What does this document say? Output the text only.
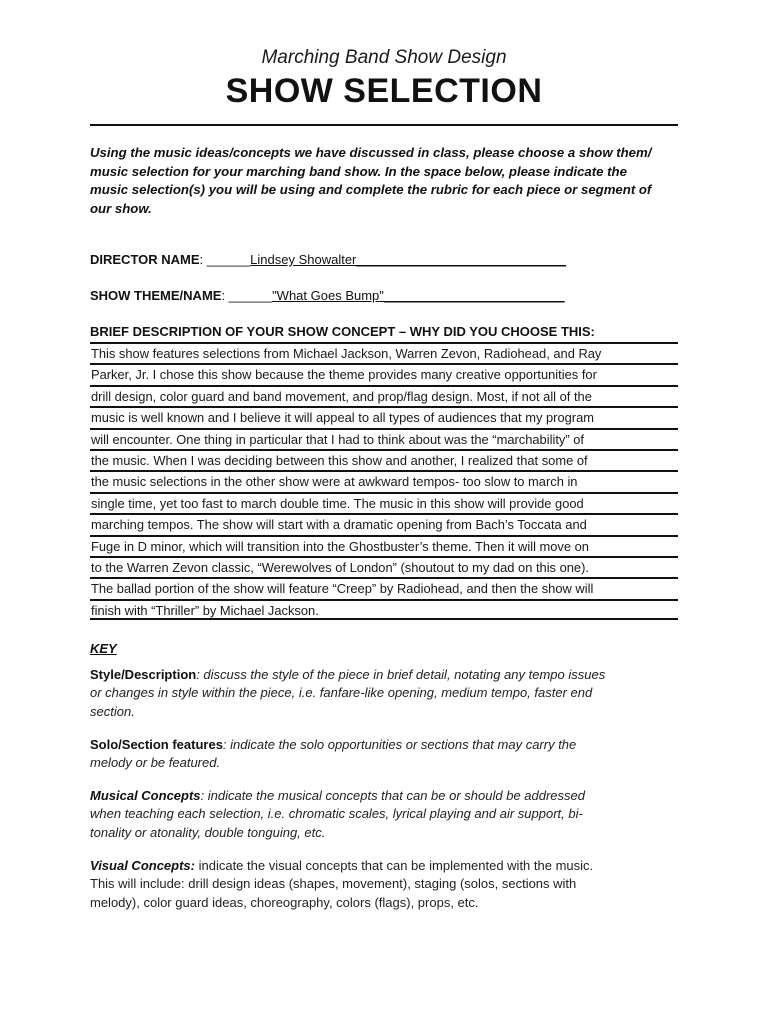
Marching Band Show Design
SHOW SELECTION
Using the music ideas/concepts we have discussed in class, please choose a show them/
music selection for your marching band show. In the space below, please indicate the
music selection(s) you will be using and complete the rubric for each piece or segment of
our show.
DIRECTOR NAME: ______Lindsey Showalter_____________________________
SHOW THEME/NAME: ______"What Goes Bump"_________________________
BRIEF DESCRIPTION OF YOUR SHOW CONCEPT – WHY DID YOU CHOOSE THIS:
This show features selections from Michael Jackson, Warren Zevon, Radiohead, and Ray
Parker, Jr. I chose this show because the theme provides many creative opportunities for
drill design, color guard and band movement, and prop/flag design. Most, if not all of the
music is well known and I believe it will appeal to all types of audiences that my program
will encounter. One thing in particular that I had to think about was the “marchability” of
the music. When I was deciding between this show and another, I realized that some of
the music selections in the other show were at awkward tempos- too slow to march in
single time, yet too fast to march double time. The music in this show will provide good
marching tempos. The show will start with a dramatic opening from Bach’s Toccata and
Fuge in D minor, which will transition into the Ghostbuster’s theme. Then it will move on
to the Warren Zevon classic, “Werewolves of London” (shoutout to my dad on this one).
The ballad portion of the show will feature “Creep” by Radiohead, and then the show will
finish with “Thriller” by Michael Jackson.
KEY
Style/Description: discuss the style of the piece in brief detail, notating any tempo issues
or changes in style within the piece, i.e. fanfare-like opening, medium tempo, faster end
section.
Solo/Section features: indicate the solo opportunities or sections that may carry the
melody or be featured.
Musical Concepts: indicate the musical concepts that can be or should be addressed
when teaching each selection, i.e. chromatic scales, lyrical playing and air support, bi-
tonality or atonality, double tonguing, etc.
Visual Concepts: indicate the visual concepts that can be implemented with the music.
This will include: drill design ideas (shapes, movement), staging (solos, sections with
melody), color guard ideas, choreography, colors (flags), props, etc.
